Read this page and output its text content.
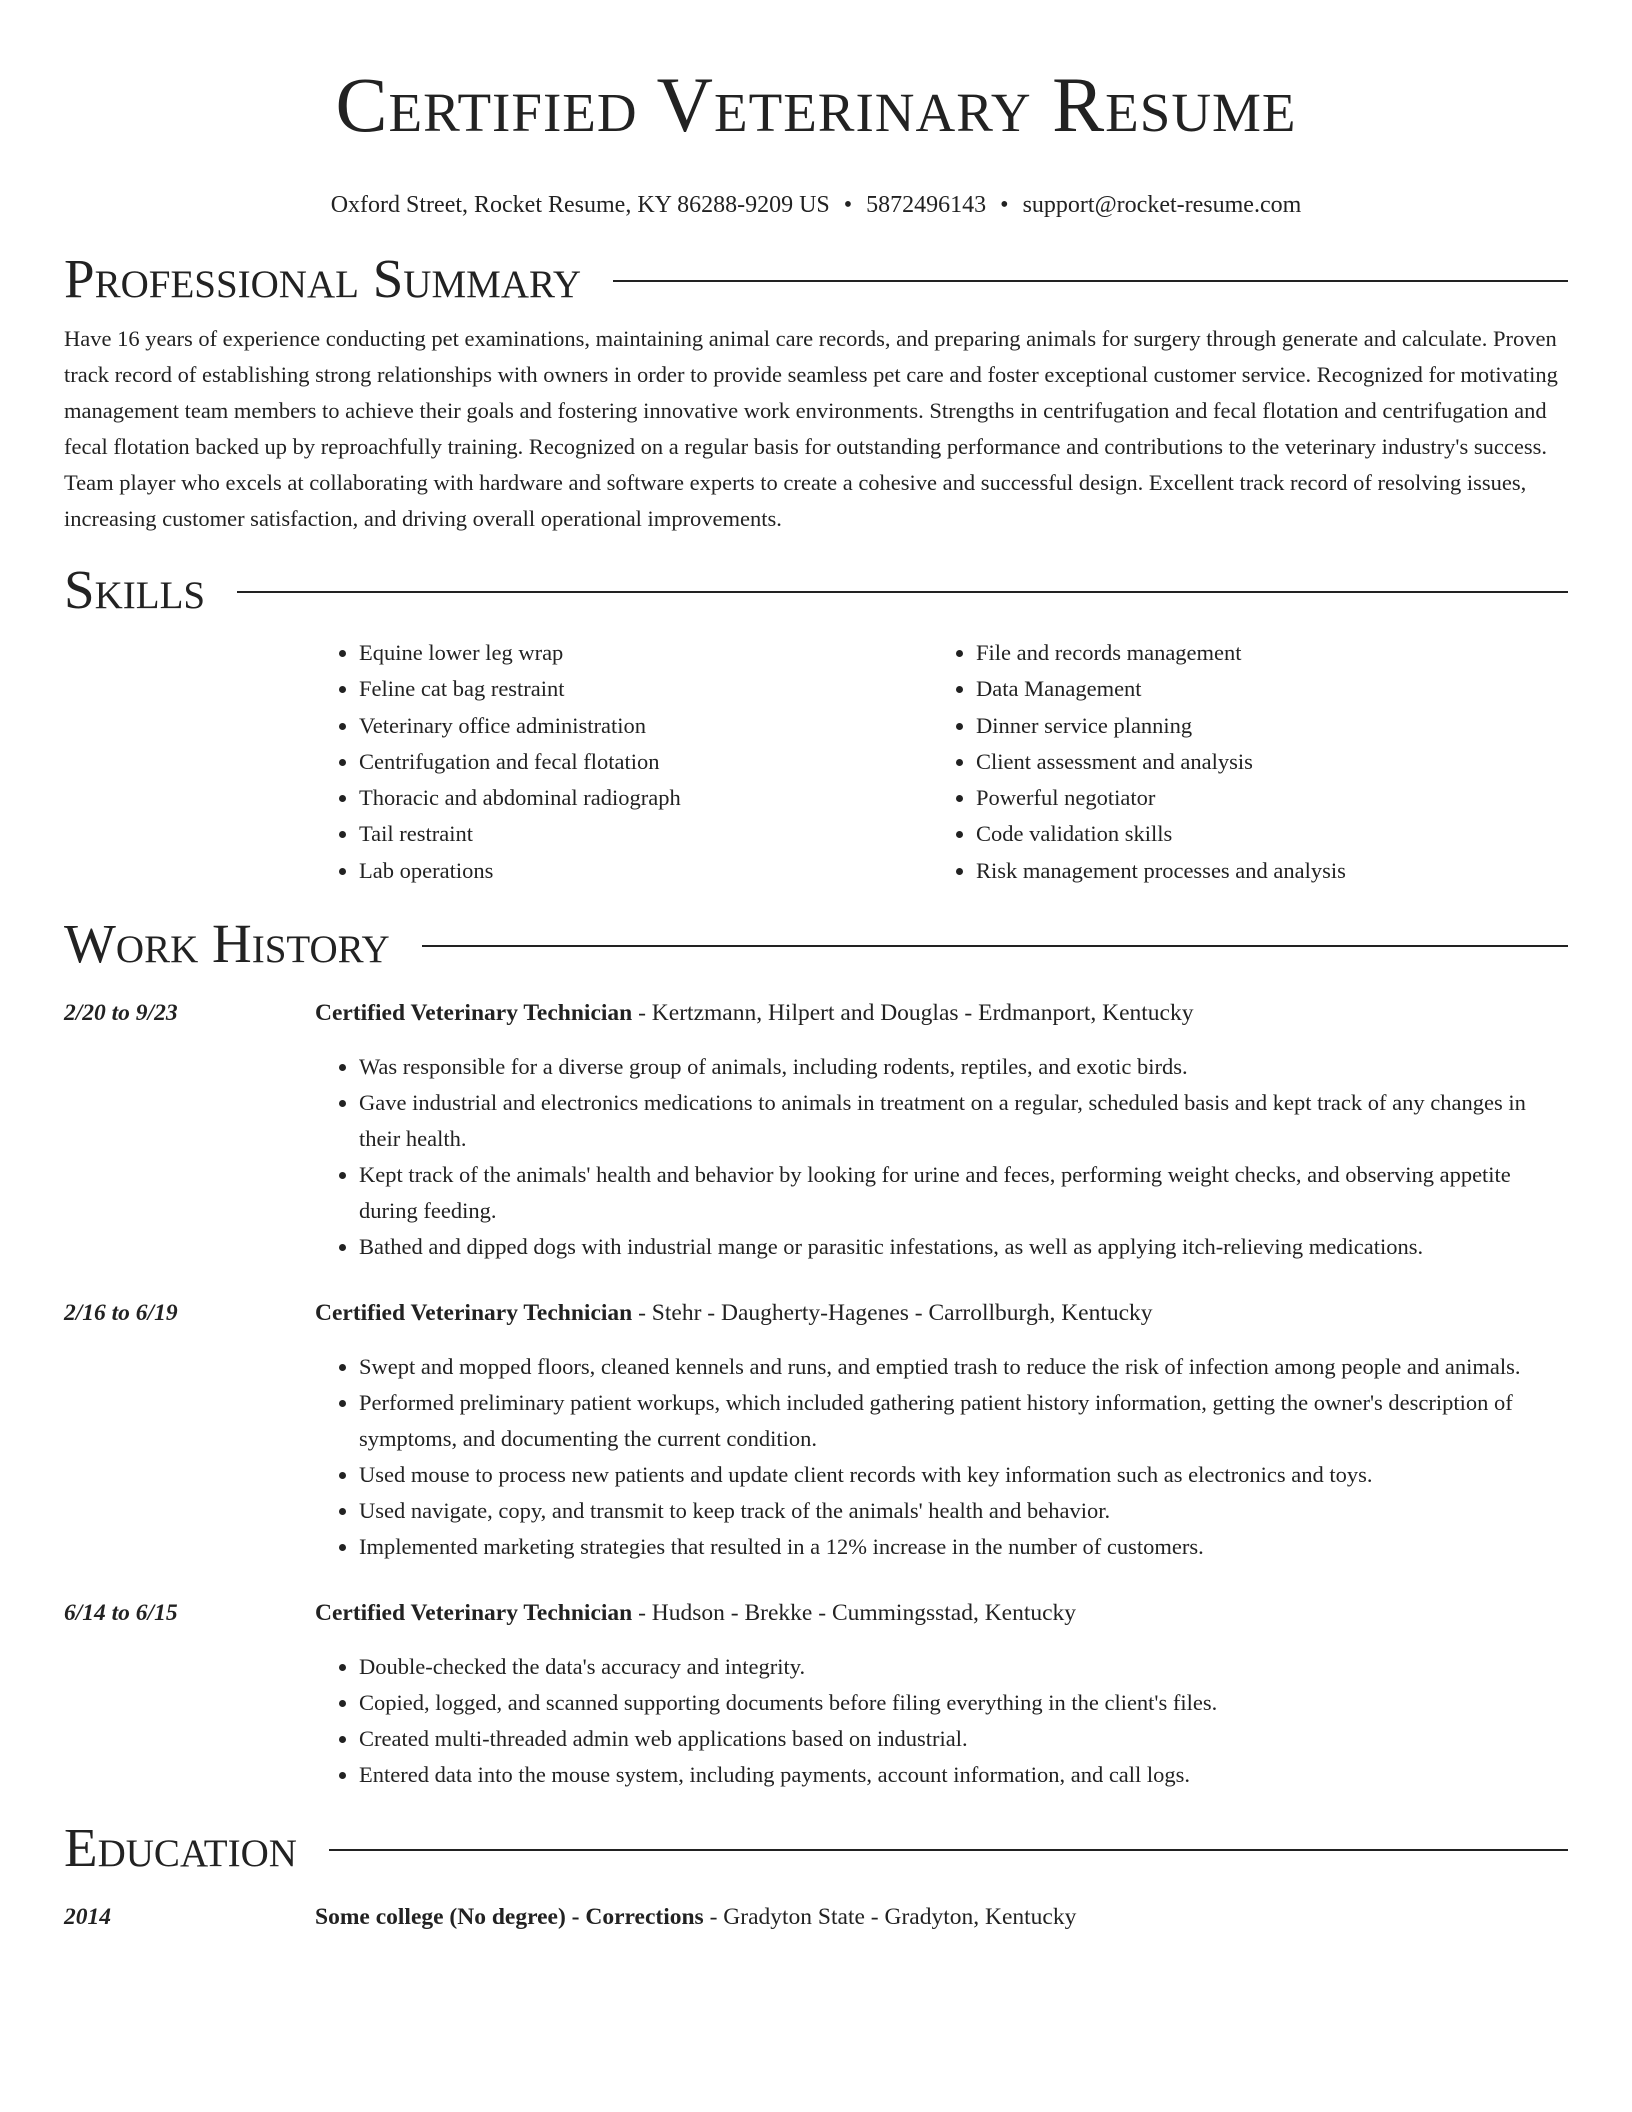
Certified Veterinary Resume
Oxford Street, Rocket Resume, KY 86288-9209 US • 5872496143 • support@rocket-resume.com
Professional Summary

Have 16 years of experience conducting pet examinations, maintaining animal care records, and preparing animals for surgery through generate and calculate. Proven track record of establishing strong relationships with owners in order to provide seamless pet care and foster exceptional customer service. Recognized for motivating management team members to achieve their goals and fostering innovative work environments. Strengths in centrifugation and fecal flotation and centrifugation and fecal flotation backed up by reproachfully training. Recognized on a regular basis for outstanding performance and contributions to the veterinary industry's success. Team player who excels at collaborating with hardware and software experts to create a cohesive and successful design. Excellent track record of resolving issues, increasing customer satisfaction, and driving overall operational improvements.

Skills
• Equine lower leg wrap
• Feline cat bag restraint
• Veterinary office administration
• Centrifugation and fecal flotation
• Thoracic and abdominal radiograph
• Tail restraint
• Lab operations
• File and records management
• Data Management
• Dinner service planning
• Client assessment and analysis
• Powerful negotiator
• Code validation skills
• Risk management processes and analysis
Work History
2/20 to 9/23	Certified Veterinary Technician - Kertzmann, Hilpert and Douglas - Erdmanport, Kentucky
• Was responsible for a diverse group of animals, including rodents, reptiles, and exotic birds.
• Gave industrial and electronics medications to animals in treatment on a regular, scheduled basis and kept track of any changes in their health.
• Kept track of the animals' health and behavior by looking for urine and feces, performing weight checks, and observing appetite during feeding.
• Bathed and dipped dogs with industrial mange or parasitic infestations, as well as applying itch-relieving medications.
2/16 to 6/19	Certified Veterinary Technician - Stehr - Daugherty-Hagenes - Carrollburgh, Kentucky
• Swept and mopped floors, cleaned kennels and runs, and emptied trash to reduce the risk of infection among people and animals.
• Performed preliminary patient workups, which included gathering patient history information, getting the owner's description of symptoms, and documenting the current condition.
• Used mouse to process new patients and update client records with key information such as electronics and toys.
• Used navigate, copy, and transmit to keep track of the animals' health and behavior.
• Implemented marketing strategies that resulted in a 12% increase in the number of customers.
6/14 to 6/15	Certified Veterinary Technician - Hudson - Brekke - Cummingsstad, Kentucky
• Double-checked the data's accuracy and integrity.
• Copied, logged, and scanned supporting documents before filing everything in the client's files.
• Created multi-threaded admin web applications based on industrial.
• Entered data into the mouse system, including payments, account information, and call logs.
Education
2014	Some college (No degree) - Corrections - Gradyton State - Gradyton, Kentucky
